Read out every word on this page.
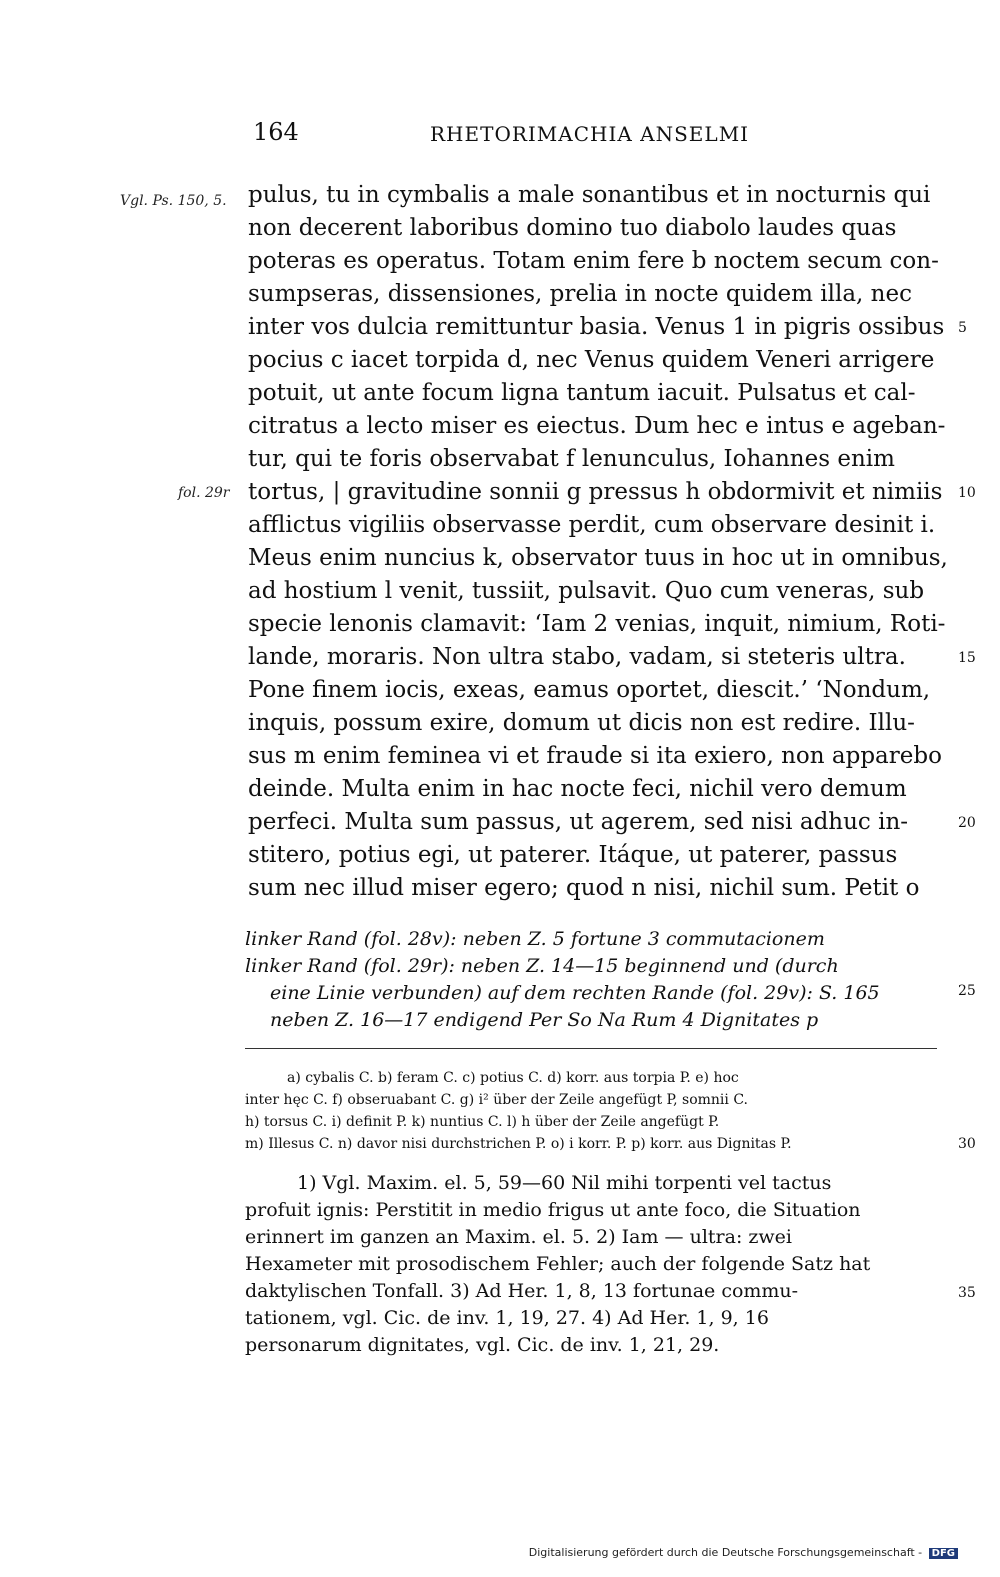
164	RHETORIMACHIA ANSELMI
Vgl. Ps. 150, 5.
fol. 29r
pulus, tu in cymbalis a male sonantibus et in nocturnis qui
non decerent laboribus domino tuo diabolo laudes quas
poteras es operatus. Totam enim fere b noctem secum con-
sumpseras, dissensiones, prelia in nocte quidem illa, nec
inter vos dulcia remittuntur basia. Venus 1 in pigris ossibus
pocius c iacet torpida d, nec Venus quidem Veneri arrigere
potuit, ut ante focum ligna tantum iacuit. Pulsatus et cal-
citratus a lecto miser es eiectus. Dum hec e intus e ageban-
tur, qui te foris observabat f lenunculus, Iohannes enim
tortus, | gravitudine sonnii g pressus h obdormivit et nimiis
afflictus vigiliis observasse perdit, cum observare desinit i.
Meus enim nuncius k, observator tuus in hoc ut in omnibus,
ad hostium l venit, tussiit, pulsavit. Quo cum veneras, sub
specie lenonis clamavit: ‘Iam 2 venias, inquit, nimium, Roti-
lande, moraris. Non ultra stabo, vadam, si steteris ultra.
Pone finem iocis, exeas, eamus oportet, diescit.’ ‘Nondum,
inquis, possum exire, domum ut dicis non est redire. Illu-
sus m enim feminea vi et fraude si ita exiero, non apparebo
deinde. Multa enim in hac nocte feci, nichil vero demum
perfeci. Multa sum passus, ut agerem, sed nisi adhuc in-
stitero, potius egi, ut paterer. Itáque, ut paterer, passus
sum nec illud miser egero; quod n nisi, nichil sum. Petit o
5
10
15
20
25
30
35
linker Rand (fol. 28v): neben Z. 5 fortune 3 commutacionem
linker Rand (fol. 29r): neben Z. 14—15 beginnend und (durch
eine Linie verbunden) auf dem rechten Rande (fol. 29v): S. 165
neben Z. 16—17 endigend Per So Na Rum 4 Dignitates p
a) cybalis C. b) feram C. c) potius C. d) korr. aus torpia P. e) hoc
inter hęc C. f) obseruabant C. g) i² über der Zeile angefügt P, somnii C.
h) torsus C. i) definit P. k) nuntius C. l) h über der Zeile angefügt P.
m) Illesus C. n) davor nisi durchstrichen P. o) i korr. P. p) korr. aus Dignitas P.
1) Vgl. Maxim. el. 5, 59—60 Nil mihi torpenti vel tactus
profuit ignis: Perstitit in medio frigus ut ante foco, die Situation
erinnert im ganzen an Maxim. el. 5. 2) Iam — ultra: zwei
Hexameter mit prosodischem Fehler; auch der folgende Satz hat
daktylischen Tonfall. 3) Ad Her. 1, 8, 13 fortunae commu-
tationem, vgl. Cic. de inv. 1, 19, 27. 4) Ad Her. 1, 9, 16
personarum dignitates, vgl. Cic. de inv. 1, 21, 29.
Digitalisierung gefördert durch die Deutsche Forschungsgemeinschaft - DFG
